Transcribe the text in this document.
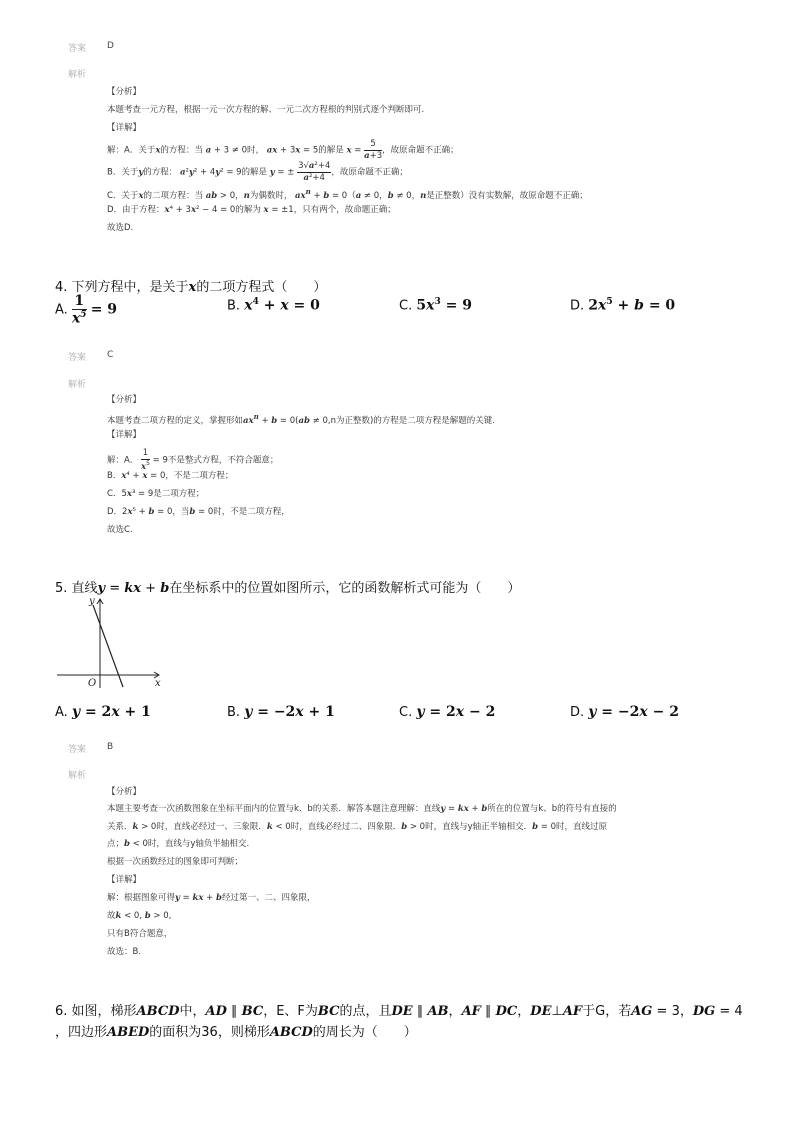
答案 D
解析
【分析】
本题考查一元方程，根据一元一次方程的解、一元二次方程根的判别式逐个判断即可.
【详解】
解：A．关于x的方程：当 a + 3 ≠ 0时， ax + 3x = 5的解是 $x = \frac{5}{a+3}$ ，故原命题不正确；
B．关于y的方程： a²y² + 4y² = 9的解是 y = ± $\frac{\text{3√a²+4}}{\text{a²+4}}$ ，故原命题不正确；
C．关于x的二项方程：当 ab > 0，n为偶数时， $ax^n + b = 0(a \ne 0$，b ≠ 0，n是正整数）没有实数解，故原命题不正确；
D．由于方程：x⁴ + 3x² − 4 = 0的解为 x = ±1，只有两个，故命题正确；
故选D.
4. 下列方程中，是关于x的二项方程式（　　）
A. $\frac{1}{x^5} = 9$	B. $x^4 + x = 0$	C. $5x^3 = 9$	D. $2x^5 + b = 0$
答案 C
解析
【分析】
本题考查二项方程的定义，掌握形如$ax^n + b = 0(ab \ne 0,n$为正整数)的方程是二项方程是解题的关键.
【详解】
解：A． $\frac{1}{x^5} = 9$不是整式方程，不符合题意；
B．x⁴ + x = 0，不是二项方程；
C．5x³ = 9是二项方程；
D．2x⁵ + b = 0，当b = 0时，不是二项方程，
故选C.
5. 直线y = kx + b在坐标系中的位置如图所示，它的函数解析式可能为（　　）
y
x
O
A. y = 2x + 1	B. y = −2x + 1	C. y = 2x − 2	D. y = −2x − 2
答案 B
解析
【分析】
本题主要考查一次函数图象在坐标平面内的位置与k、b的关系．解答本题注意理解：直线y = kx + b所在的位置与k、b的符号有直接的
关系．k > 0时，直线必经过一、三象限．k < 0时，直线必经过二、四象限．b > 0时，直线与y轴正半轴相交．b = 0时，直线过原
点；b < 0时，直线与y轴负半轴相交.
根据一次函数经过的图象即可判断；
【详解】
解：根据图象可得y = kx + b经过第一、二、四象限，
故k < 0, b > 0,
只有B符合题意，
故选：B.
6. 如图，梯形ABCD中，AD ∥ BC，E、F为BC的点，且DE ∥ AB，AF ∥ DC，DE⊥AF于G，若AG = 3，DG = 4
，四边形ABED的面积为36，则梯形ABCD的周长为（　　）
